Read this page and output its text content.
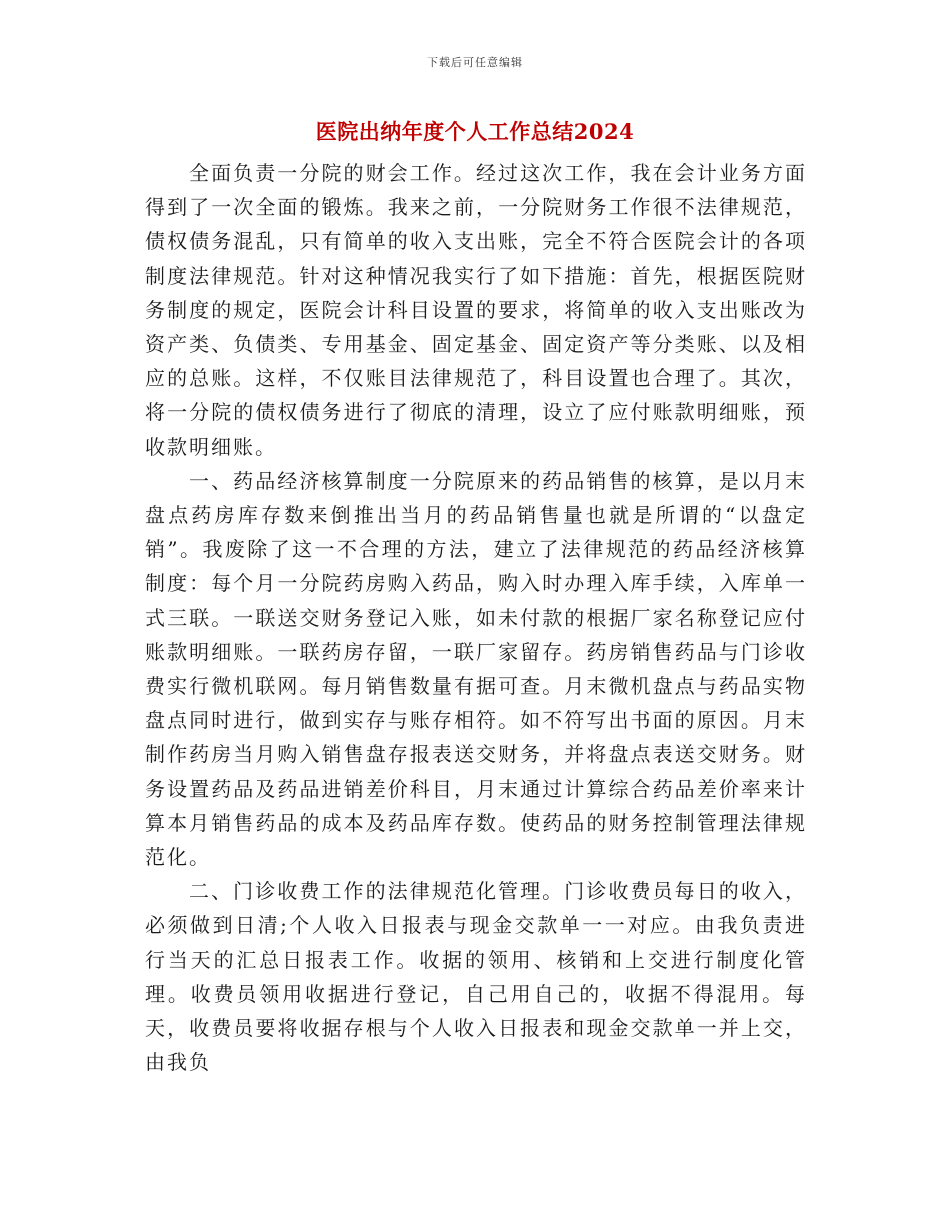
下载后可任意编辑
医院出纳年度个人工作总结2024

全面负责一分院的财会工作。经过这次工作，我在会计业务方面得到了一次全面的锻炼。我来之前，一分院财务工作很不法律规范，债权债务混乱，只有简单的收入支出账，完全不符合医院会计的各项制度法律规范。针对这种情况我实行了如下措施：首先，根据医院财务制度的规定，医院会计科目设置的要求，将简单的收入支出账改为资产类、负债类、专用基金、固定基金、固定资产等分类账、以及相应的总账。这样，不仅账目法律规范了，科目设置也合理了。其次，将一分院的债权债务进行了彻底的清理，设立了应付账款明细账，预收款明细账。

一、药品经济核算制度一分院原来的药品销售的核算，是以月末盘点药房库存数来倒推出当月的药品销售量也就是所谓的“以盘定销”。我废除了这一不合理的方法，建立了法律规范的药品经济核算制度：每个月一分院药房购入药品，购入时办理入库手续，入库单一式三联。一联送交财务登记入账，如未付款的根据厂家名称登记应付账款明细账。一联药房存留，一联厂家留存。药房销售药品与门诊收费实行微机联网。每月销售数量有据可查。月末微机盘点与药品实物盘点同时进行，做到实存与账存相符。如不符写出书面的原因。月末制作药房当月购入销售盘存报表送交财务，并将盘点表送交财务。财务设置药品及药品进销差价科目，月末通过计算综合药品差价率来计算本月销售药品的成本及药品库存数。使药品的财务控制管理法律规范化。

二、门诊收费工作的法律规范化管理。门诊收费员每日的收入，必须做到日清;个人收入日报表与现金交款单一一对应。由我负责进行当天的汇总日报表工作。收据的领用、核销和上交进行制度化管理。收费员领用收据进行登记，自己用自己的，收据不得混用。每天，收费员要将收据存根与个人收入日报表和现金交款单一并上交，由我负
